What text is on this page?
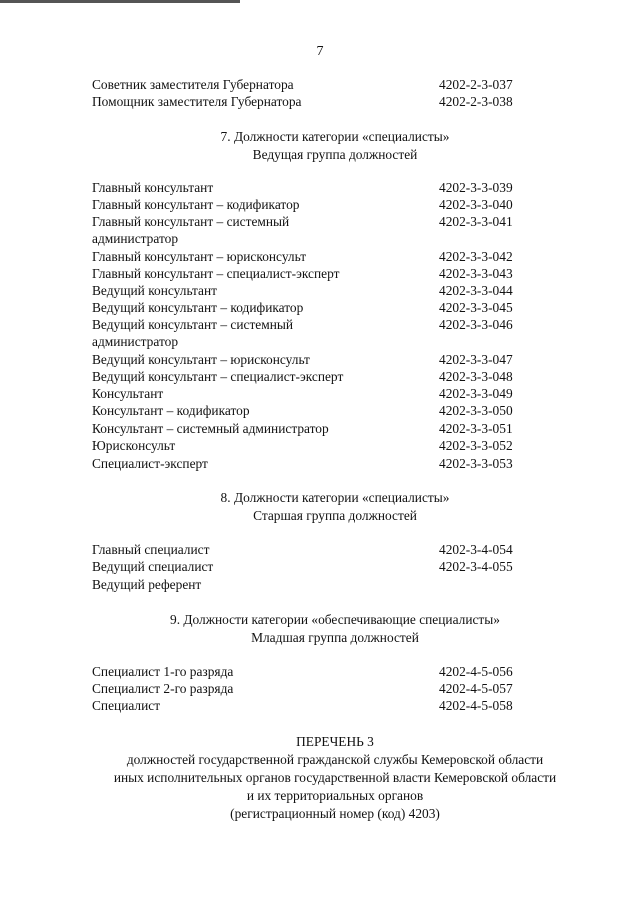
7
Советник заместителя Губернатора	4202-2-3-037
Помощник заместителя Губернатора	4202-2-3-038
7. Должности категории «специалисты»
Ведущая группа должностей
Главный консультант	4202-3-3-039
Главный консультант – кодификатор	4202-3-3-040
Главный консультант – системный	4202-3-3-041
администратор
Главный консультант – юрисконсульт	4202-3-3-042
Главный консультант – специалист-эксперт	4202-3-3-043
Ведущий консультант	4202-3-3-044
Ведущий консультант – кодификатор	4202-3-3-045
Ведущий консультант – системный	4202-3-3-046
администратор
Ведущий консультант – юрисконсульт	4202-3-3-047
Ведущий консультант – специалист-эксперт	4202-3-3-048
Консультант	4202-3-3-049
Консультант – кодификатор	4202-3-3-050
Консультант – системный администратор	4202-3-3-051
Юрисконсульт	4202-3-3-052
Специалист-эксперт	4202-3-3-053
8. Должности категории «специалисты»
Старшая группа должностей
Главный специалист	4202-3-4-054
Ведущий специалист	4202-3-4-055
Ведущий референт
9. Должности категории «обеспечивающие специалисты»
Младшая группа должностей
Специалист 1-го разряда	4202-4-5-056
Специалист 2-го разряда	4202-4-5-057
Специалист	4202-4-5-058
ПЕРЕЧЕНЬ 3
должностей государственной гражданской службы Кемеровской области
иных исполнительных органов государственной власти Кемеровской области
и их территориальных органов
(регистрационный номер (код) 4203)
